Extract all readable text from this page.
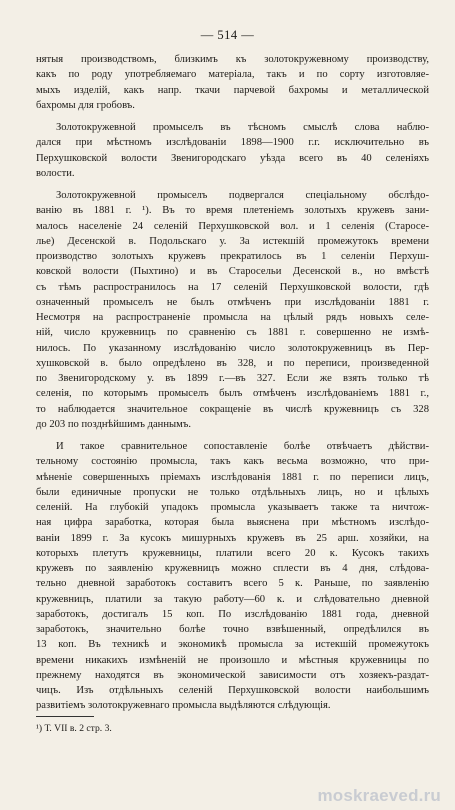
— 514 —

нятыя производствомъ, близкимъ къ золотокружевному производству,

какъ по роду употребляемаго матеріала, такъ и по сорту изготовляе-

мыхъ изделій, какъ напр. ткачи парчевой бахромы и металлической

бахромы для гробовъ.

Золотокружевной промыселъ въ тѣсномъ смыслѣ слова наблю-

дался при мѣстномъ изслѣдованіи 1898—1900 г.г. исключительно въ

Перхушковской волости Звенигородскаго уѣзда всего въ 40 селеніяхъ

волости.

Золотокружевной промыселъ подвергался спеціальному обслѣдо-

ванію въ 1881 г. ¹). Въ то время плетеніемъ золотыхъ кружевъ зани-

малось населеніе 24 селеній Перхушковской вол. и 1 селенія (Старосе-

лье) Десенской в. Подольскаго у. За истекшій промежутокъ времени

производство золотыхъ кружевъ прекратилось въ 1 селеніи Перхуш-

ковской волости (Пыхтино) и въ Старосельи Десенской в., но вмѣстѣ

съ тѣмъ распространилось на 17 селеній Перхушковской волости, гдѣ

означенный промыселъ не былъ отмѣченъ при изслѣдованіи 1881 г.

Несмотря на распространеніе промысла на цѣлый рядъ новыхъ селе-

ній, число кружевницъ по сравненію съ 1881 г. совершенно не измѣ-

нилось. По указанному изслѣдованію число золотокружевницъ въ Пер-

хушковской в. было опредѣлено въ 328, и по переписи, произведенной

по Звенигородскому у. въ 1899 г.—въ 327. Если же взять только тѣ

селенія, по которымъ промыселъ былъ отмѣченъ изслѣдованіемъ 1881 г.,

то наблюдается значительное сокращеніе въ числѣ кружевницъ съ 328

до 203 по позднѣйшимъ даннымъ.

И такое сравнительное сопоставленіе болѣе отвѣчаетъ дѣйстви-

тельному состоянію промысла, такъ какъ весьма возможно, что при-

мѣненіе совершенныхъ пріемахъ изслѣдованія 1881 г. по переписи лицъ,

были единичные пропуски не только отдѣльныхъ лицъ, но и цѣлыхъ

селеній. На глубокій упадокъ промысла указываетъ также та ничтож-

ная цифра заработка, которая была выяснена при мѣстномъ изслѣдо-

ваніи 1899 г. За кусокъ мишурныхъ кружевъ въ 25 арш. хозяйки, на

которыхъ плетутъ кружевницы, платили всего 20 к. Кусокъ такихъ

кружевъ по заявленію кружевницъ можно сплести въ 4 дня, слѣдова-

тельно дневной заработокъ составитъ всего 5 к. Раньше, по заявленію

кружевницъ, платили за такую работу—60 к. и слѣдовательно дневной

заработокъ, достигалъ 15 коп. По изслѣдованію 1881 года, дневной

заработокъ, значительно болѣе точно взвѣшенный, опредѣлился въ

13 коп. Въ техникѣ и экономикѣ промысла за истекшій промежутокъ

времени никакихъ измѣненій не произошло и мѣстныя кружевницы по

прежнему находятся въ экономической зависимости отъ хозяекъ-раздат-

чицъ. Изъ отдѣльныхъ селеній Перхушковской волости наибольшимъ

развитіемъ золотокружевнаго промысла выдѣляются слѣдующія.

¹) Т. VII в. 2 стр. 3.
moskraeved.ru
